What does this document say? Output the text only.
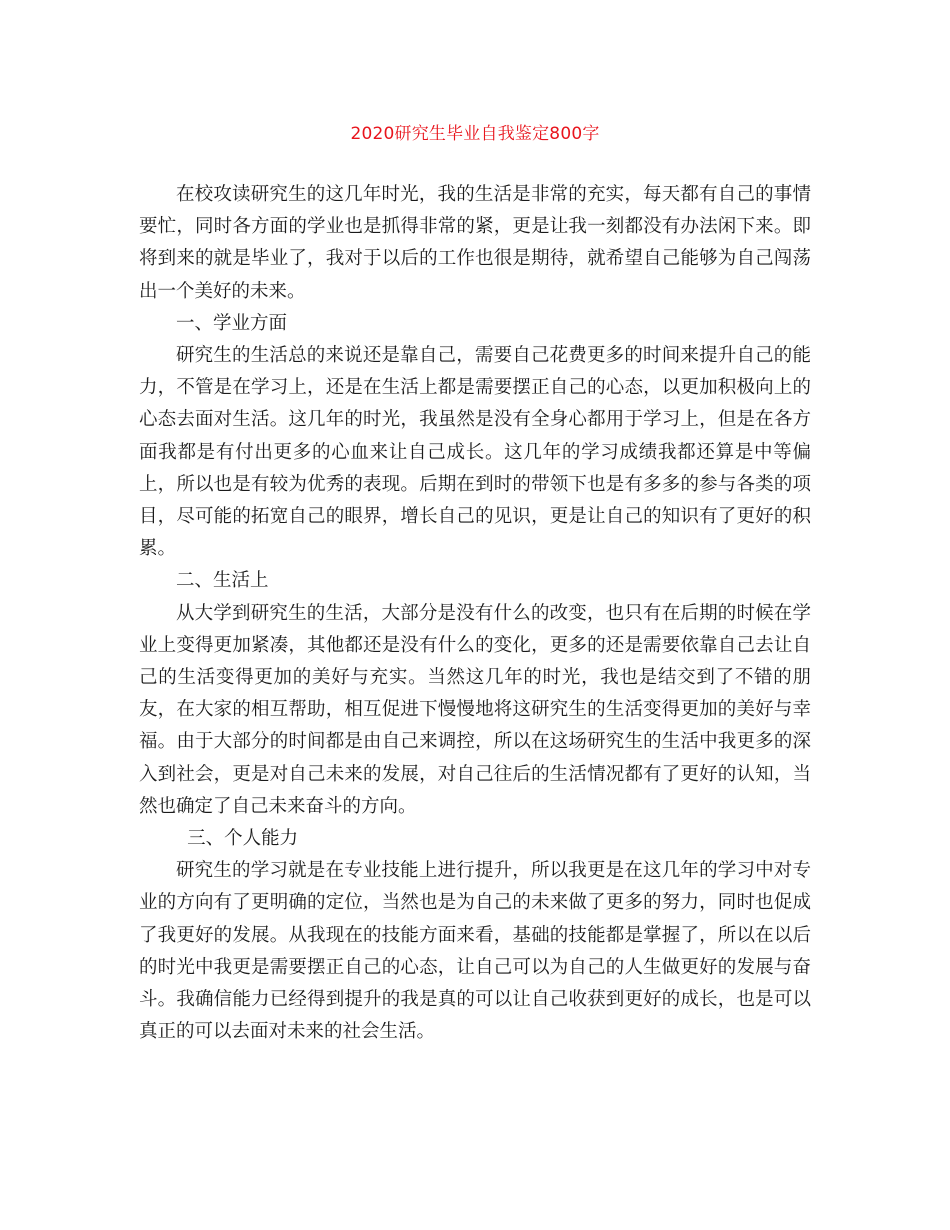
2020研究生毕业自我鉴定800字

在校攻读研究生的这几年时光，我的生活是非常的充实，每天都有自己的事情要忙，同时各方面的学业也是抓得非常的紧，更是让我一刻都没有办法闲下来。即将到来的就是毕业了，我对于以后的工作也很是期待，就希望自己能够为自己闯荡出一个美好的未来。

一、学业方面

研究生的生活总的来说还是靠自己，需要自己花费更多的时间来提升自己的能力，不管是在学习上，还是在生活上都是需要摆正自己的心态，以更加积极向上的心态去面对生活。这几年的时光，我虽然是没有全身心都用于学习上，但是在各方面我都是有付出更多的心血来让自己成长。这几年的学习成绩我都还算是中等偏上，所以也是有较为优秀的表现。后期在到时的带领下也是有多多的参与各类的项目，尽可能的拓宽自己的眼界，增长自己的见识，更是让自己的知识有了更好的积累。

二、生活上

从大学到研究生的生活，大部分是没有什么的改变，也只有在后期的时候在学业上变得更加紧凑，其他都还是没有什么的变化，更多的还是需要依靠自己去让自己的生活变得更加的美好与充实。当然这几年的时光，我也是结交到了不错的朋友，在大家的相互帮助，相互促进下慢慢地将这研究生的生活变得更加的美好与幸福。由于大部分的时间都是由自己来调控，所以在这场研究生的生活中我更多的深入到社会，更是对自己未来的发展，对自己往后的生活情况都有了更好的认知，当然也确定了自己未来奋斗的方向。

三、个人能力

研究生的学习就是在专业技能上进行提升，所以我更是在这几年的学习中对专业的方向有了更明确的定位，当然也是为自己的未来做了更多的努力，同时也促成了我更好的发展。从我现在的技能方面来看，基础的技能都是掌握了，所以在以后的时光中我更是需要摆正自己的心态，让自己可以为自己的人生做更好的发展与奋斗。我确信能力已经得到提升的我是真的可以让自己收获到更好的成长，也是可以真正的可以去面对未来的社会生活。
